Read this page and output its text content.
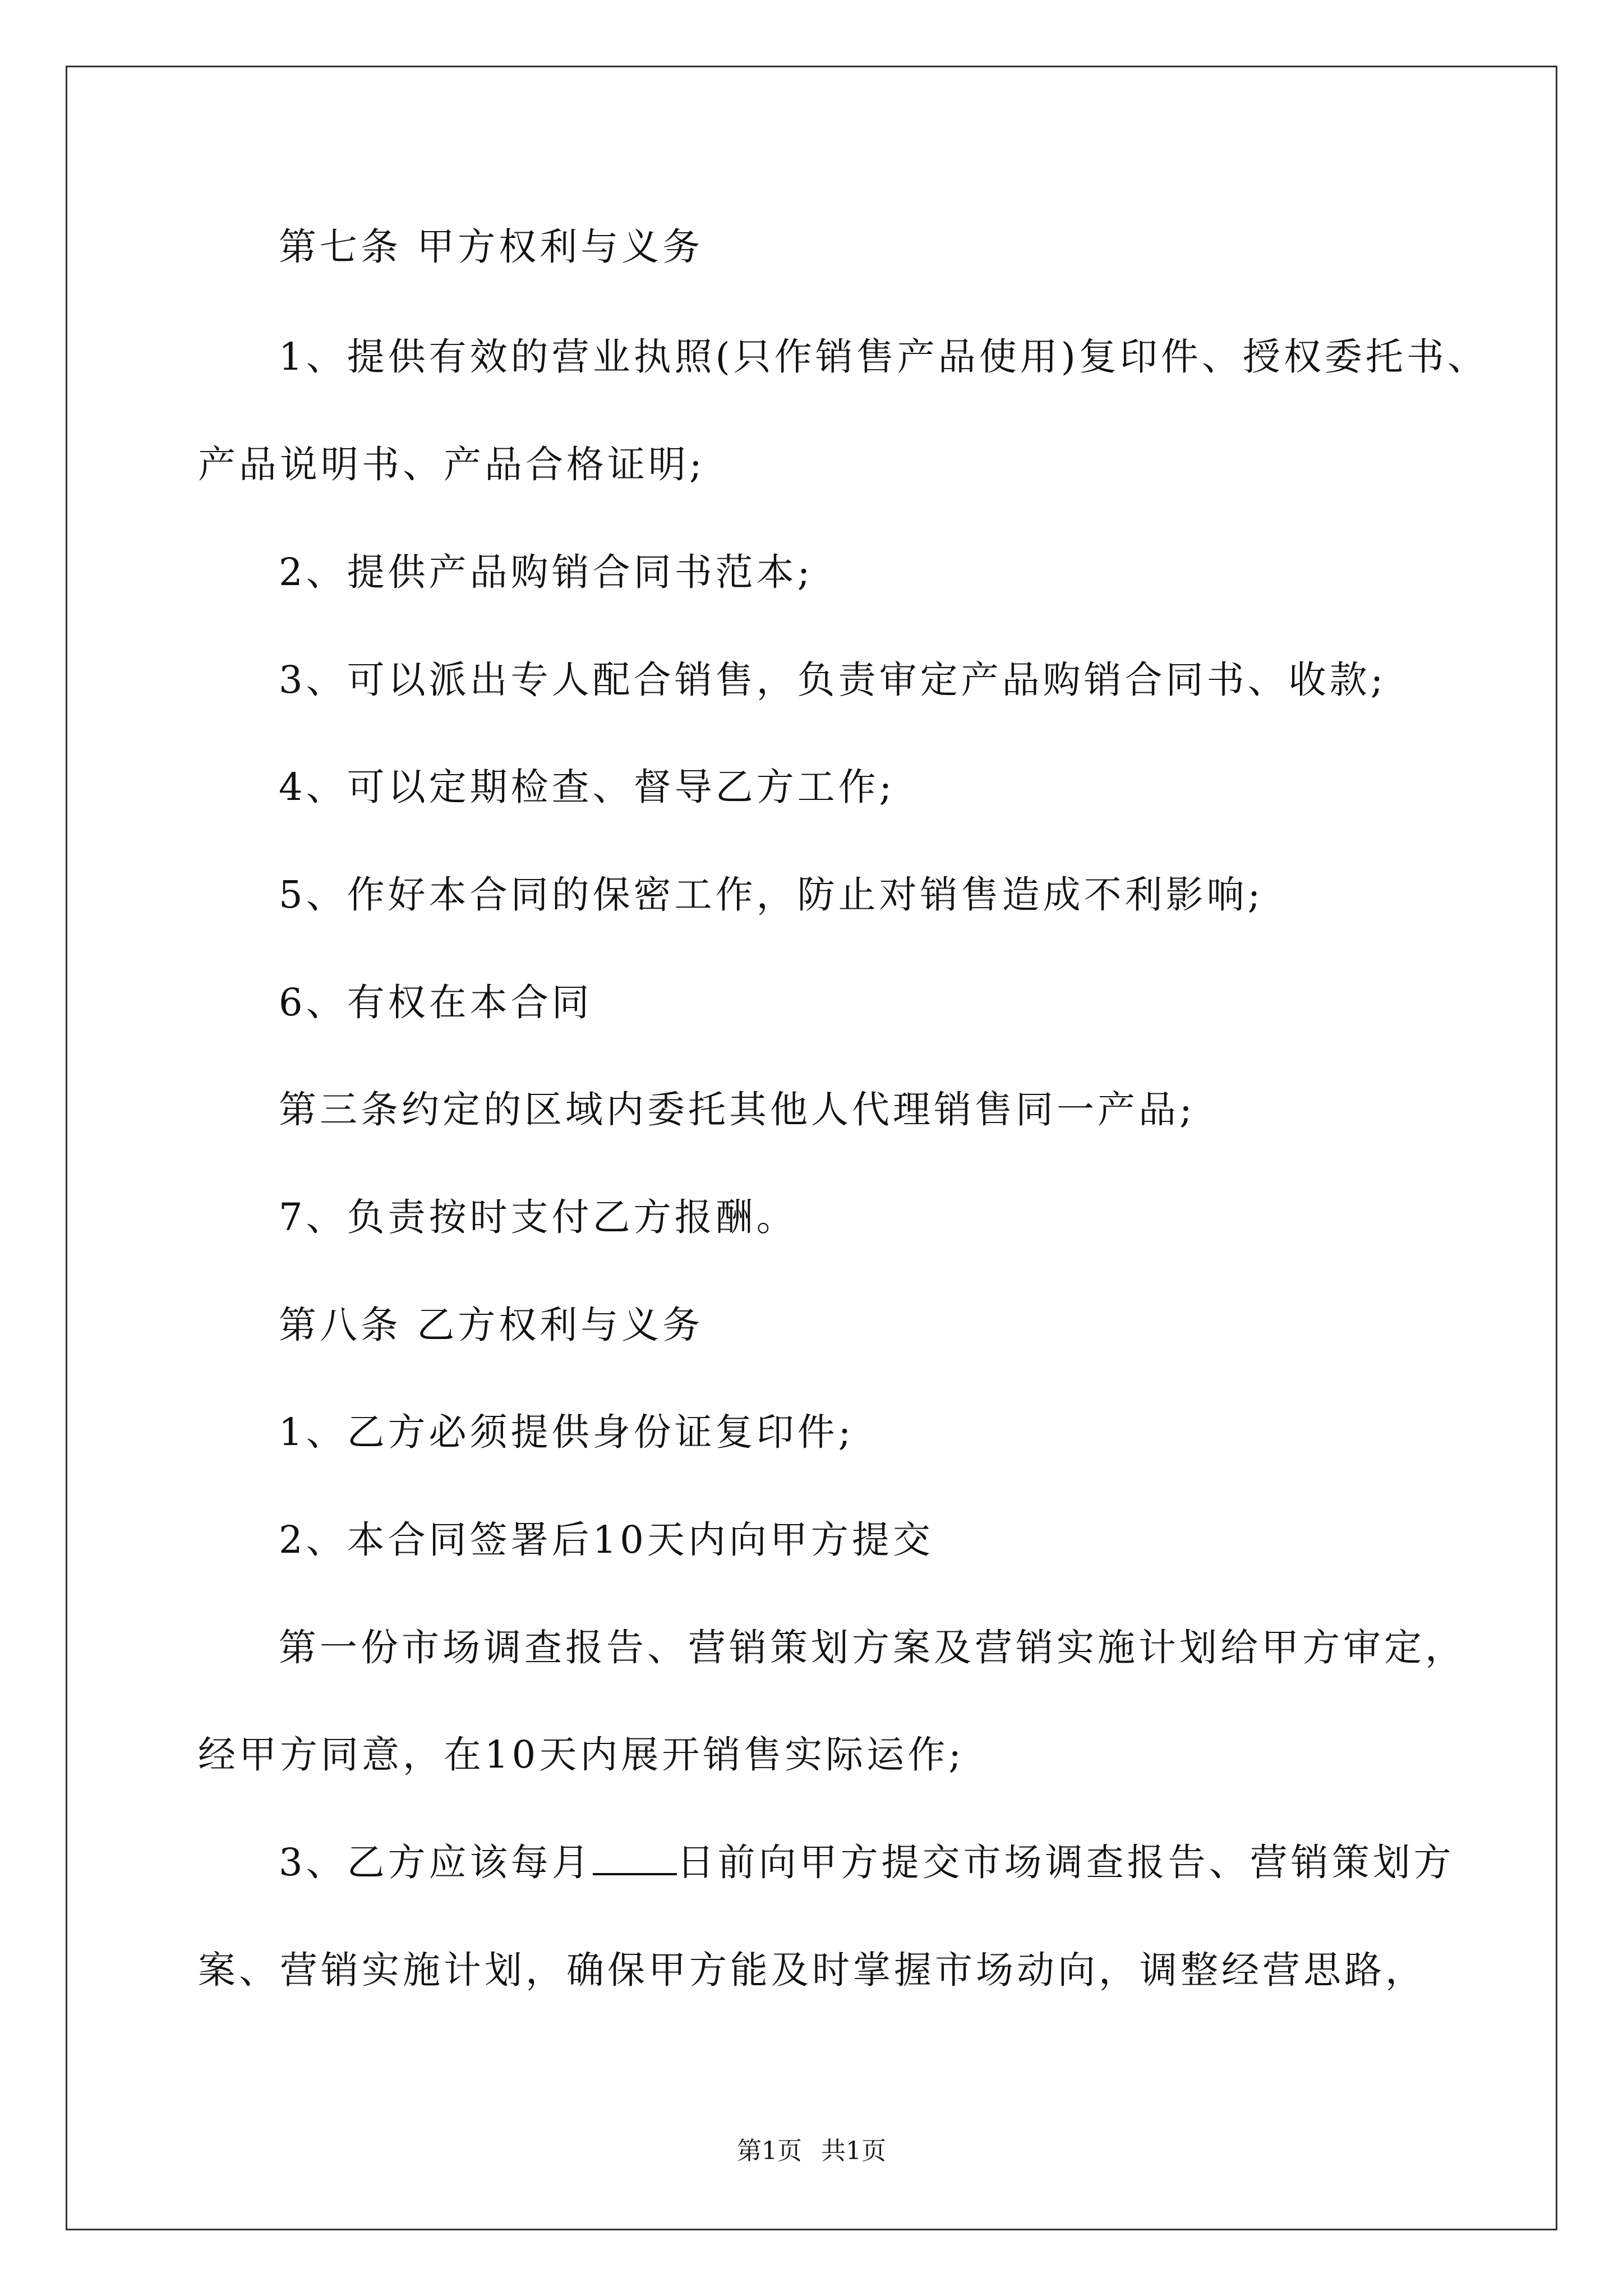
第七条 甲方权利与义务
1、提供有效的营业执照(只作销售产品使用)复印件、授权委托书、
产品说明书、产品合格证明;
2、提供产品购销合同书范本;
3、可以派出专人配合销售，负责审定产品购销合同书、收款;
4、可以定期检查、督导乙方工作;
5、作好本合同的保密工作，防止对销售造成不利影响;
6、有权在本合同
第三条约定的区域内委托其他人代理销售同一产品;
7、负责按时支付乙方报酬。
第八条 乙方权利与义务
1、乙方必须提供身份证复印件;
2、本合同签署后10天内向甲方提交
第一份市场调查报告、营销策划方案及营销实施计划给甲方审定，
经甲方同意，在10天内展开销售实际运作;
3、乙方应该每月 日前向甲方提交市场调查报告、营销策划方
案、营销实施计划，确保甲方能及时掌握市场动向，调整经营思路，
第1页 共1页
